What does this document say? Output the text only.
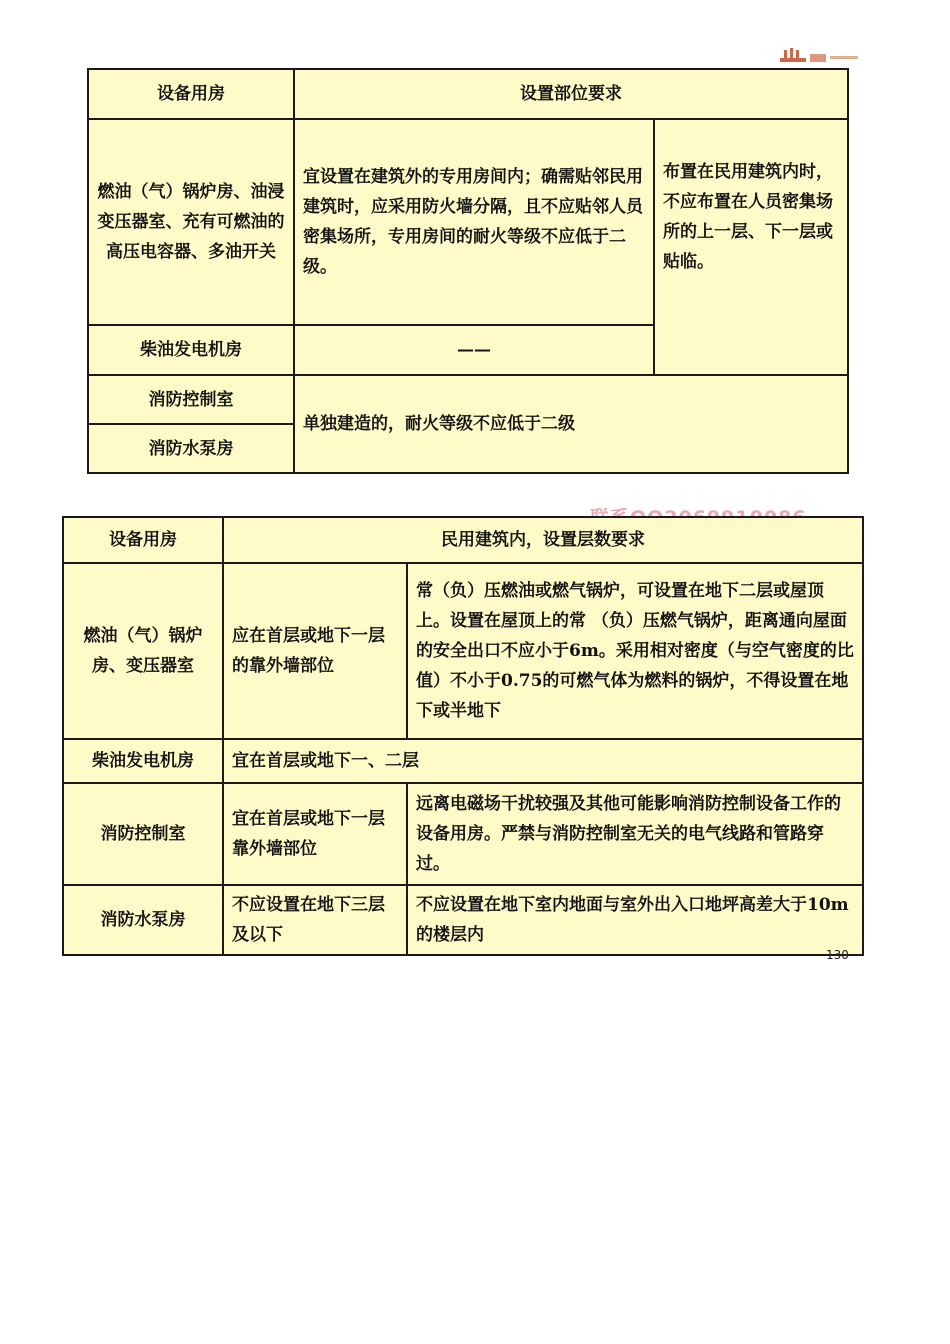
设备用房	设置部位要求	
燃油（气）锅炉房、油浸变压器室、充有可燃油的高压电容器、多油开关	宜设置在建筑外的专用房间内；确需贴邻民用建筑时，应采用防火墙分隔，且不应贴邻人员密集场所，专用房间的耐火等级不应低于二级。	布置在民用建筑内时，不应布置在人员密集场所的上一层、下一层或贴临。
柴油发电机房	——	
消防控制室	单独建造的，耐火等级不应低于二级	
消防水泵房		
设备用房	民用建筑内，设置层数要求	
燃油（气）锅炉房、变压器室	应在首层或地下一层的靠外墙部位	常（负）压燃油或燃气锅炉，可设置在地下二层或屋顶上。设置在屋顶上的常 （负）压燃气锅炉，距离通向屋面的安全出口不应小于6m。采用相对密度（与空气密度的比值）不小于0.75的可燃气体为燃料的锅炉，不得设置在地下或半地下
柴油发电机房	宜在首层或地下一、二层	
消防控制室	宜在首层或地下一层靠外墙部位	远离电磁场干扰较强及其他可能影响消防控制设备工作的设备用房。严禁与消防控制室无关的电气线路和管路穿过。
消防水泵房	不应设置在地下三层及以下	不应设置在地下室内地面与室外出入口地坪高差大于10m的楼层内
130
